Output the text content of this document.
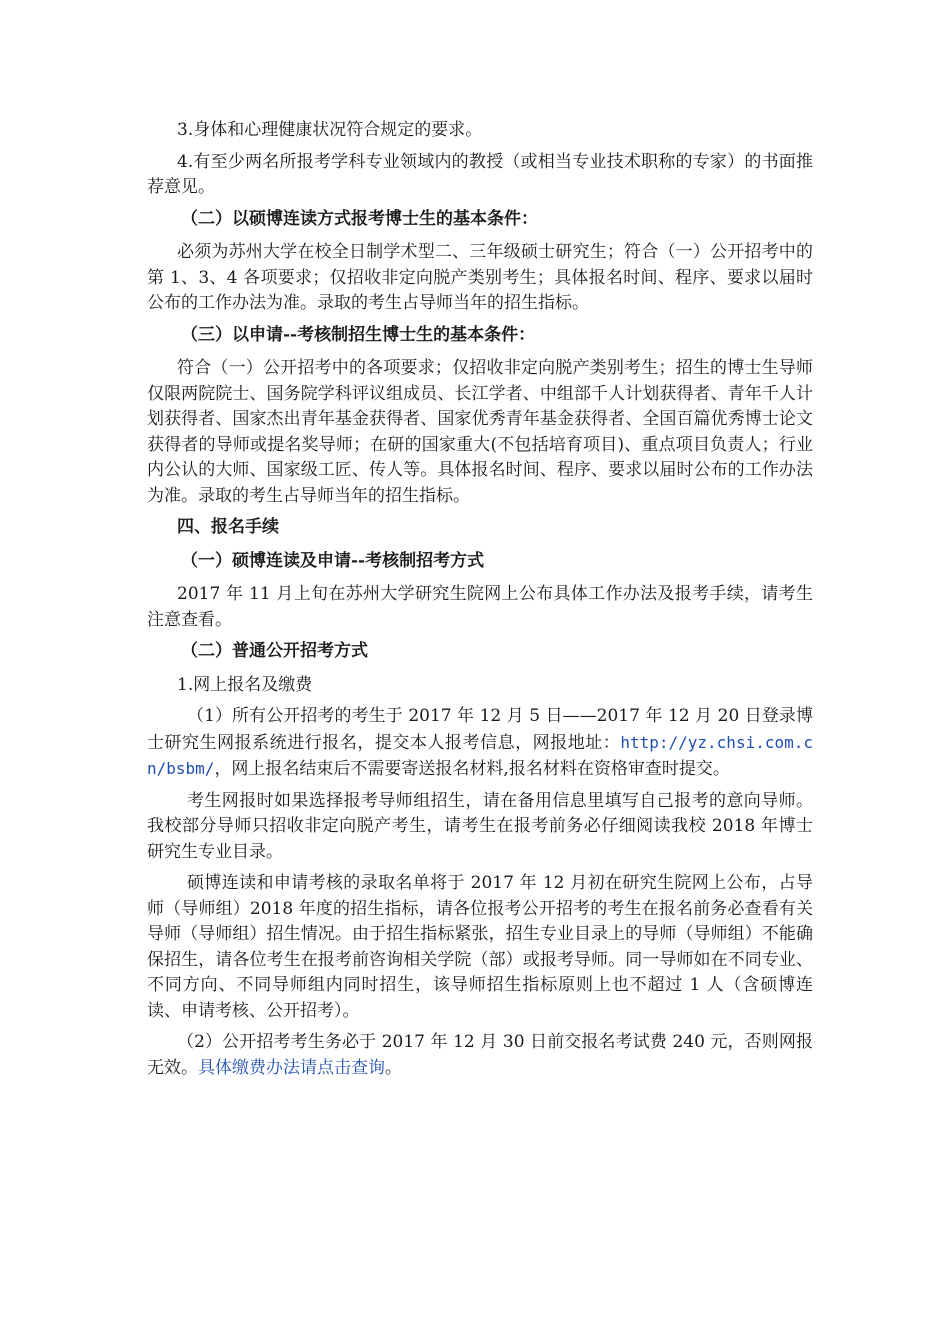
3.身体和心理健康状况符合规定的要求。

4.有至少两名所报考学科专业领域内的教授（或相当专业技术职称的专家）的书面推荐意见。

（二）以硕博连读方式报考博士生的基本条件：

必须为苏州大学在校全日制学术型二、三年级硕士研究生；符合（一）公开招考中的第 1、3、4 各项要求；仅招收非定向脱产类别考生；具体报名时间、程序、要求以届时公布的工作办法为准。录取的考生占导师当年的招生指标。

（三）以申请--考核制招生博士生的基本条件：

符合（一）公开招考中的各项要求；仅招收非定向脱产类别考生；招生的博士生导师仅限两院院士、国务院学科评议组成员、长江学者、中组部千人计划获得者、青年千人计划获得者、国家杰出青年基金获得者、国家优秀青年基金获得者、全国百篇优秀博士论文获得者的导师或提名奖导师；在研的国家重大(不包括培育项目)、重点项目负责人；行业内公认的大师、国家级工匠、传人等。具体报名时间、程序、要求以届时公布的工作办法为准。录取的考生占导师当年的招生指标。

四、报名手续

（一）硕博连读及申请--考核制招考方式

2017 年 11 月上旬在苏州大学研究生院网上公布具体工作办法及报考手续，请考生注意查看。

（二）普通公开招考方式

1.网上报名及缴费

（1）所有公开招考的考生于 2017 年 12 月 5 日——2017 年 12 月 20 日登录博士研究生网报系统进行报名，提交本人报考信息，网报地址：http://yz.chsi.com.cn/bsbm/，网上报名结束后不需要寄送报名材料,报名材料在资格审查时提交。

考生网报时如果选择报考导师组招生，请在备用信息里填写自己报考的意向导师。我校部分导师只招收非定向脱产考生，请考生在报考前务必仔细阅读我校 2018 年博士研究生专业目录。

硕博连读和申请考核的录取名单将于 2017 年 12 月初在研究生院网上公布，占导师（导师组）2018 年度的招生指标，请各位报考公开招考的考生在报名前务必查看有关导师（导师组）招生情况。由于招生指标紧张，招生专业目录上的导师（导师组）不能确保招生，请各位考生在报考前咨询相关学院（部）或报考导师。同一导师如在不同专业、不同方向、不同导师组内同时招生，该导师招生指标原则上也不超过 1 人（含硕博连读、申请考核、公开招考）。

（2）公开招考考生务必于 2017 年 12 月 30 日前交报名考试费 240 元，否则网报无效。具体缴费办法请点击查询。
